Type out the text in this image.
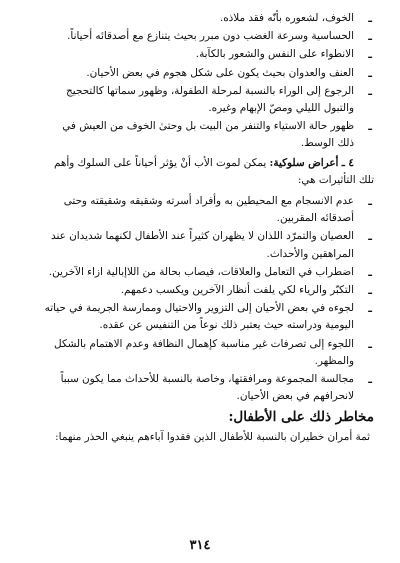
ـ
الخوف، لشعوره بأنّه فقد ملاذه.
ـ
الحساسية وسرعة الغضب دون مبرر بحيث يتنازع مع أصدقائه أحياناً.
ـ
الانطواء على النفس والشعور بالكآبة.
ـ
العنف والعدوان بحيث يكون على شكل هجوم في بعض الأحيان.
ـ
الرجوع إلى الوراء بالنسبة لمرحلة الطفولة، وظهور سماتها كالتحجيج والتبول الليلي ومصّ الإبهام وغيره.
ـ
ظهور حالة الاستياء والتنفر من البيت بل وحتىٰ الخوف من العيش في ذلك الوسط.

٤ ـ أعراض سلوكية: يمكن لموت الأب أنْ يؤثر أحياناً على السلوك وأهم تلك التأثيرات هي:

ـ
عدم الانسجام مع المحيطين به وأفراد أسرته وشقيقه وشقيقته وحتى أصدقائه المقربين.
ـ
العصيان والتمرّد اللذان لا يظهران كثيراً عند الأطفال لكنهما شديدان عند المراهقين والأحداث.
ـ
اضطراب في التعامل والعلاقات، فيصاب بحالة من اللاإبالية ازاء الآخرين.
ـ
التكبّر والرياء لكي يلفت أنظار الآخرين ويكسب دعمهم.
ـ
لجوءه في بعض الأحيان إلى التزوير والاحتيال وممارسة الجريمة في حياته اليومية ودراسته حيث يعتبر ذلك نوعاً من التنفيس عن عقده.
ـ
اللجوء إلى تصرفات غير مناسبة كإهمال النظافة وعدم الاهتمام بالشكل والمظهر.
ـ
مجالسة المجموعة ومرافقتها، وخاصة بالنسبة للأحداث مما يكون سبباً لانحرافهم في بعض الأحيان.
مخاطر ذلك على الأطفال:

ثمة أمران خطيران بالنسبة للأطفال الذين فقدوا آباءهم ينبغي الحذر منهما:

٣١٤
